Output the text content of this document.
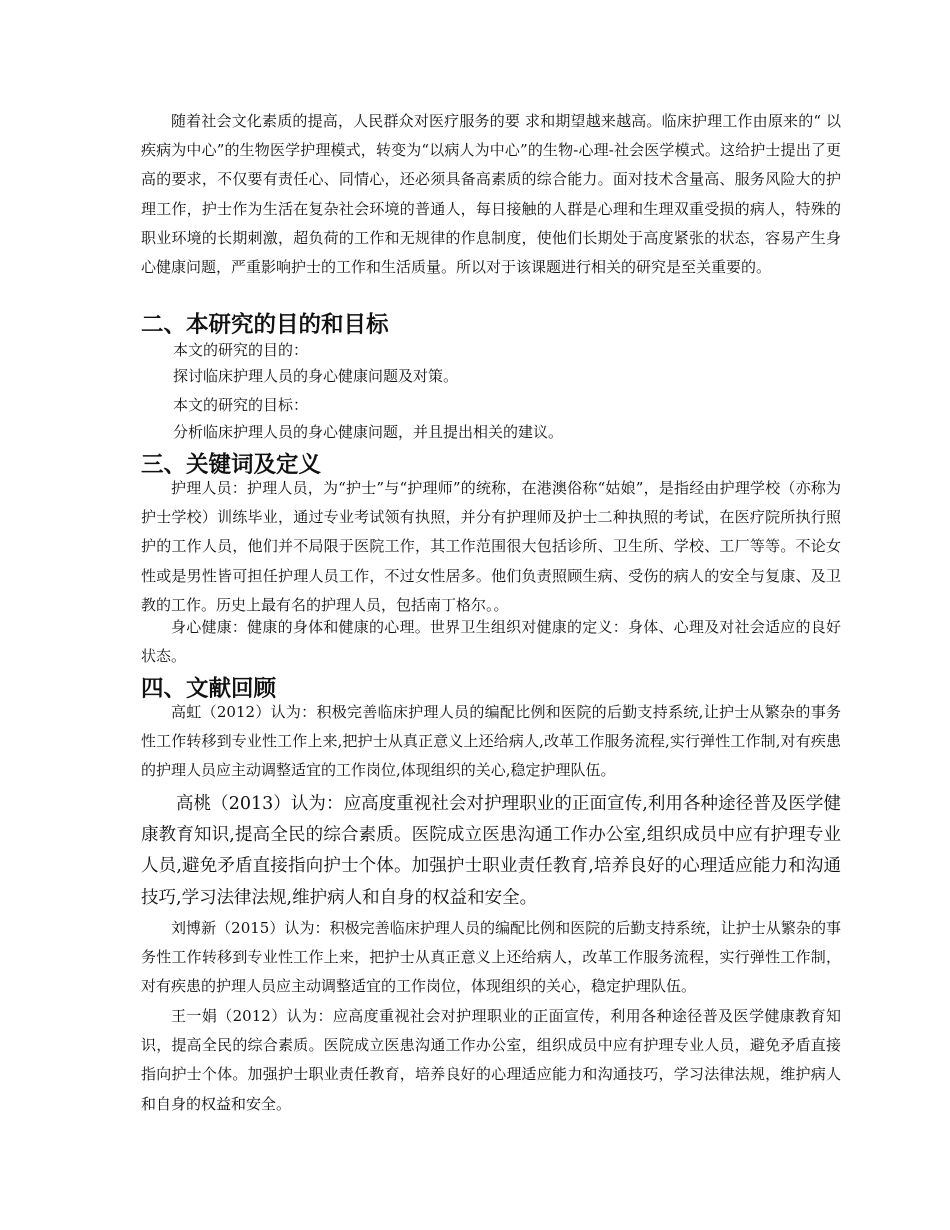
随着社会文化素质的提高，人民群众对医疗服务的要 求和期望越来越高。临床护理工作由原来的“ 以疾病为中心”的生物医学护理模式，转变为“以病人为中心”的生物-心理-社会医学模式。这给护士提出了更高的要求，不仅要有责任心、同情心，还必须具备高素质的综合能力。面对技术含量高、服务风险大的护理工作，护士作为生活在复杂社会环境的普通人，每日接触的人群是心理和生理双重受损的病人，特殊的职业环境的长期刺激，超负荷的工作和无规律的作息制度，使他们长期处于高度紧张的状态，容易产生身心健康问题，严重影响护士的工作和生活质量。所以对于该课题进行相关的研究是至关重要的。

二、本研究的目的和目标

本文的研究的目的：

探讨临床护理人员的身心健康问题及对策。

本文的研究的目标：

分析临床护理人员的身心健康问题，并且提出相关的建议。

三、关键词及定义

护理人员：护理人员，为“护士”与“护理师”的统称，在港澳俗称“姑娘”，是指经由护理学校（亦称为护士学校）训练毕业，通过专业考试领有执照，并分有护理师及护士二种执照的考试，在医疗院所执行照护的工作人员，他们并不局限于医院工作，其工作范围很大包括诊所、卫生所、学校、工厂等等。不论女性或是男性皆可担任护理人员工作，不过女性居多。他们负责照顾生病、受伤的病人的安全与复康、及卫教的工作。历史上最有名的护理人员，包括南丁格尔。。

身心健康：健康的身体和健康的心理。世界卫生组织对健康的定义：身体、心理及对社会适应的良好状态。

四、文献回顾

高虹（2012）认为：积极完善临床护理人员的编配比例和医院的后勤支持系统,让护士从繁杂的事务性工作转移到专业性工作上来,把护士从真正意义上还给病人,改革工作服务流程,实行弹性工作制,对有疾患的护理人员应主动调整适宜的工作岗位,体现组织的关心,稳定护理队伍。

高桃（2013）认为：应高度重视社会对护理职业的正面宣传,利用各种途径普及医学健康教育知识,提高全民的综合素质。医院成立医患沟通工作办公室,组织成员中应有护理专业人员,避免矛盾直接指向护士个体。加强护士职业责任教育,培养良好的心理适应能力和沟通技巧,学习法律法规,维护病人和自身的权益和安全。

刘博新（2015）认为：积极完善临床护理人员的编配比例和医院的后勤支持系统，让护士从繁杂的事务性工作转移到专业性工作上来，把护士从真正意义上还给病人，改革工作服务流程，实行弹性工作制，对有疾患的护理人员应主动调整适宜的工作岗位，体现组织的关心，稳定护理队伍。

王一娟（2012）认为：应高度重视社会对护理职业的正面宣传，利用各种途径普及医学健康教育知识，提高全民的综合素质。医院成立医患沟通工作办公室，组织成员中应有护理专业人员，避免矛盾直接指向护士个体。加强护士职业责任教育，培养良好的心理适应能力和沟通技巧，学习法律法规，维护病人和自身的权益和安全。
